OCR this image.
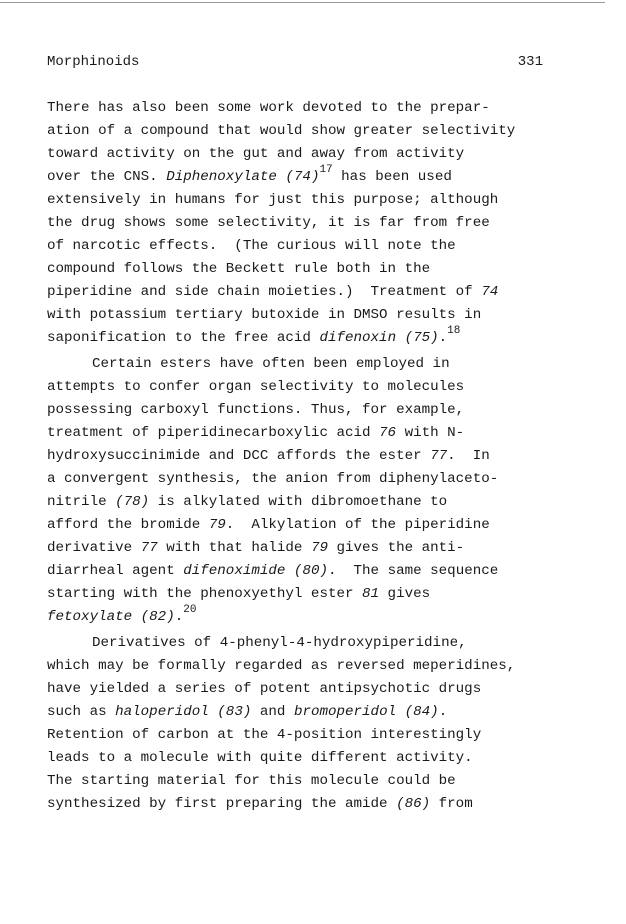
Morphinoids	331
There has also been some work devoted to the prepar-
ation of a compound that would show greater selectivity
toward activity on the gut and away from activity
over the CNS. Diphenoxylate $(74)^{17}$ has been used
extensively in humans for just this purpose; although
the drug shows some selectivity, it is far from free
of narcotic effects.  (The curious will note the
compound follows the Beckett rule both in the
piperidine and side chain moieties.)  Treatment of 74
with potassium tertiary butoxide in DMSO results in
saponification to the free acid difenoxin (75).$^{18}$
Certain esters have often been employed in
attempts to confer organ selectivity to molecules
possessing carboxyl functions. Thus, for example,
treatment of piperidinecarboxylic acid 76 with N-
hydroxysuccinimide and DCC affords the ester 77.  In
a convergent synthesis, the anion from diphenylaceto-
nitrile (78) is alkylated with dibromoethane to
afford the bromide 79.  Alkylation of the piperidine
derivative 77 with that halide 79 gives the anti-
diarrheal agent difenoximide (80).  The same sequence
starting with the phenoxyethyl ester 81 gives
fetoxylate (82).$^{20}$
Derivatives of 4-phenyl-4-hydroxypiperidine,
which may be formally regarded as reversed meperidines,
have yielded a series of potent antipsychotic drugs
such as haloperidol (83) and bromoperidol (84).
Retention of carbon at the 4-position interestingly
leads to a molecule with quite different activity.
The starting material for this molecule could be
synthesized by first preparing the amide (86) from
